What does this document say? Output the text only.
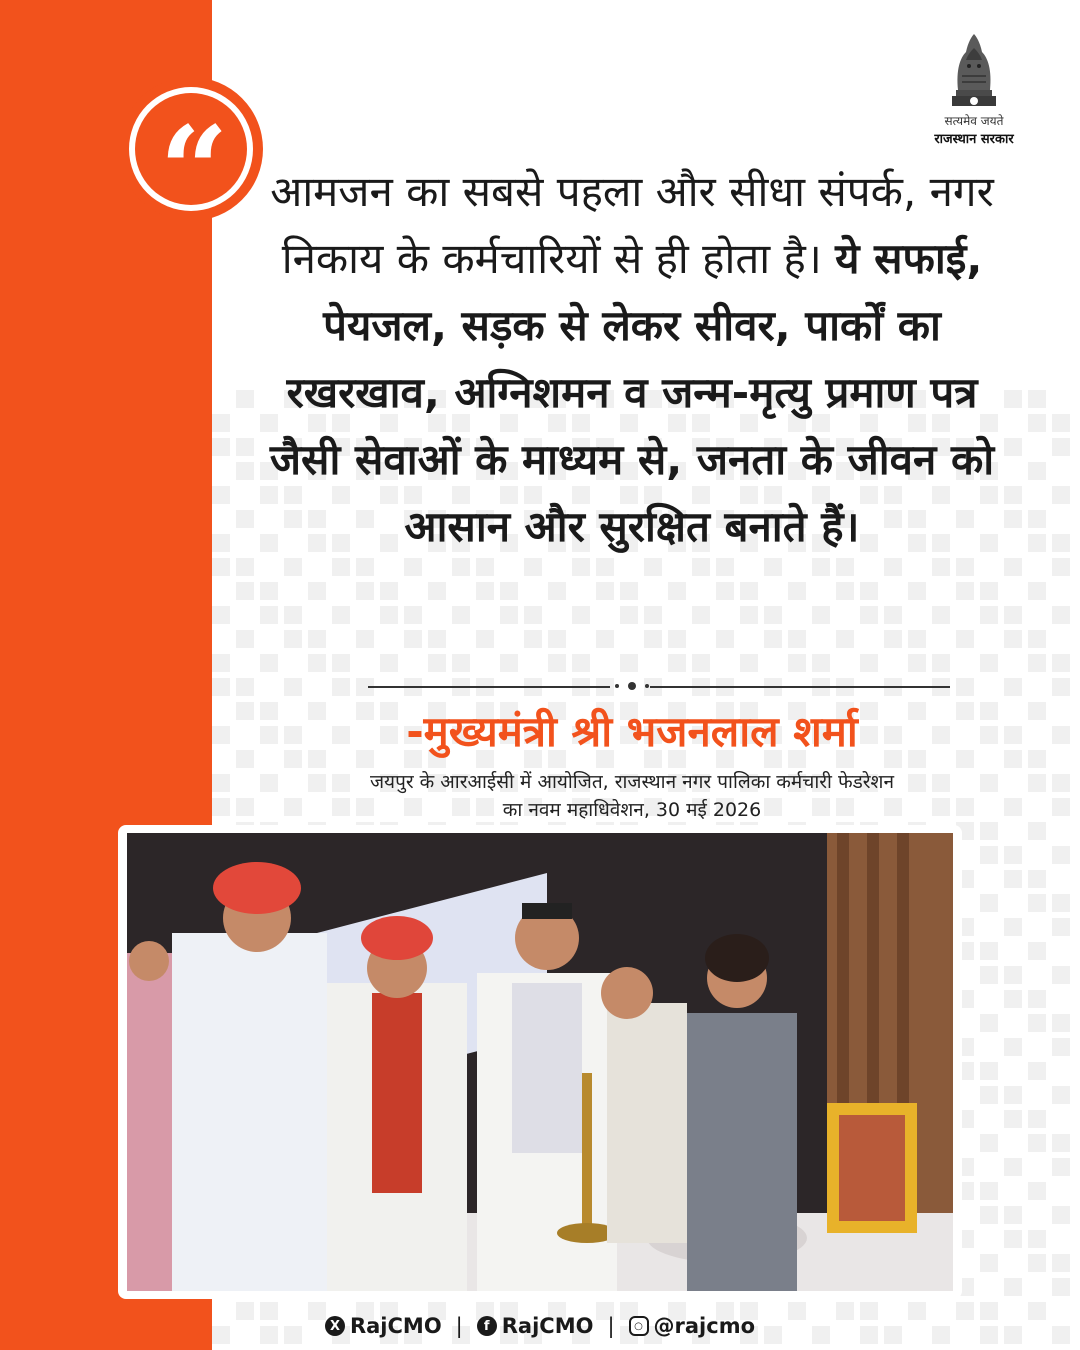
“	सत्यमेव जयते
राजस्थान सरकार
आमजन का सबसे पहला और सीधा संपर्क, नगर निकाय के कर्मचारियों से ही होता है। ये सफाई, पेयजल, सड़क से लेकर सीवर, पार्कों का रखरखाव, अग्निशमन व जन्म-मृत्यु प्रमाण पत्र जैसी सेवाओं के माध्यम से, जनता के जीवन को आसान और सुरक्षित बनाते हैं।
-मुख्यमंत्री श्री भजनलाल शर्मा
जयपुर के आरआईसी में आयोजित, राजस्थान नगर पालिका कर्मचारी फेडरेशन
का नवम महाधिवेशन, 30 मई 2026
X RajCMO |	f RajCMO |	○ @rajcmo
